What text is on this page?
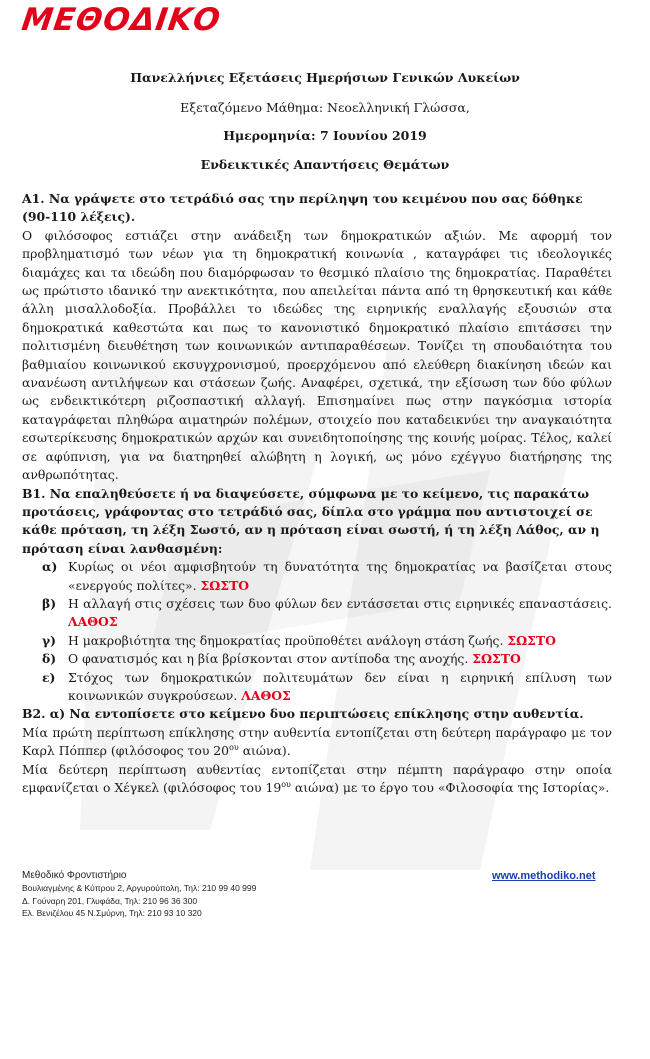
ΜΕΘΟΔΙΚΟ
Πανελλήνιες Εξετάσεις Ημερήσιων Γενικών Λυκείων
Εξεταζόμενο Μάθημα: Νεοελληνική Γλώσσα,
Ημερομηνία: 7 Ιουνίου 2019
Ενδεικτικές Απαντήσεις Θεμάτων

Α1. Να γράψετε στο τετράδιό σας την περίληψη του κειμένου που σας δόθηκε (90-110 λέξεις).

Ο φιλόσοφος εστιάζει στην ανάδειξη των δημοκρατικών αξιών. Με αφορμή τον προβληματισμό των νέων για τη δημοκρατική κοινωνία , καταγράφει τις ιδεολογικές διαμάχες και τα ιδεώδη που διαμόρφωσαν το θεσμικό πλαίσιο της δημοκρατίας. Παραθέτει ως πρώτιστο ιδανικό την ανεκτικότητα, που απειλείται πάντα από τη θρησκευτική και κάθε άλλη μισαλλοδοξία. Προβάλλει το ιδεώδες της ειρηνικής εναλλαγής εξουσιών στα δημοκρατικά καθεστώτα και πως το κανονιστικό δημοκρατικό πλαίσιο επιτάσσει την πολιτισμένη διευθέτηση των κοινωνικών αντιπαραθέσεων. Τονίζει τη σπουδαιότητα του βαθμιαίου κοινωνικού εκσυγχρονισμού, προερχόμενου από ελεύθερη διακίνηση ιδεών και ανανέωση αντιλήψεων και στάσεων ζωής. Αναφέρει, σχετικά, την εξίσωση των δύο φύλων ως ενδεικτικότερη ριζοσπαστική αλλαγή. Επισημαίνει πως στην παγκόσμια ιστορία καταγράφεται πληθώρα αιματηρών πολέμων, στοιχείο που καταδεικνύει την αναγκαιότητα εσωτερίκευσης δημοκρατικών αρχών και συνειδητοποίησης της κοινής μοίρας. Τέλος, καλεί σε αφύπνιση, για να διατηρηθεί αλώβητη η λογική, ως μόνο εχέγγυο διατήρησης της ανθρωπότητας.

Β1. Να επαληθεύσετε ή να διαψεύσετε, σύμφωνα με το κείμενο, τις παρακάτω προτάσεις, γράφοντας στο τετράδιό σας, δίπλα στο γράμμα που αντιστοιχεί σε κάθε πρόταση, τη λέξη Σωστό, αν η πρόταση είναι σωστή, ή τη λέξη Λάθος, αν η πρόταση είναι λανθασμένη:

α) Κυρίως οι νέοι αμφισβητούν τη δυνατότητα της δημοκρατίας να βασίζεται στους «ενεργούς πολίτες». ΣΩΣΤΟ
β) Η αλλαγή στις σχέσεις των δυο φύλων δεν εντάσσεται στις ειρηνικές επαναστάσεις. ΛΑΘΟΣ
γ) Η μακροβιότητα της δημοκρατίας προϋποθέτει ανάλογη στάση ζωής. ΣΩΣΤΟ
δ) Ο φανατισμός και η βία βρίσκονται στον αντίποδα της ανοχής. ΣΩΣΤΟ
ε) Στόχος των δημοκρατικών πολιτευμάτων δεν είναι η ειρηνική επίλυση των κοινωνικών συγκρούσεων. ΛΑΘΟΣ

Β2. α) Να εντοπίσετε στο κείμενο δυο περιπτώσεις επίκλησης στην αυθεντία.

Μία πρώτη περίπτωση επίκλησης στην αυθεντία εντοπίζεται στη δεύτερη παράγραφο με τον Καρλ Πόππερ (φιλόσοφος του $20^{o\upsilon}$ αιώνα).

Μία δεύτερη περίπτωση αυθεντίας εντοπίζεται στην πέμπτη παράγραφο στην οποία εμφανίζεται ο Χέγκελ (φιλόσοφος του $19^{o\upsilon}$ αιώνα) με το έργο του «Φιλοσοφία της Ιστορίας».

Μεθοδικό Φροντιστήριο
Βουλιαγμένης & Κύπρου 2, Αργυρούπολη, Τηλ: 210 99 40 999
Δ. Γούναρη 201, Γλυφάδα, Τηλ: 210 96 36 300
Ελ. Βενιζέλου 45 Ν.Σμύρνη, Τηλ: 210 93 10 320
www.methodiko.net
